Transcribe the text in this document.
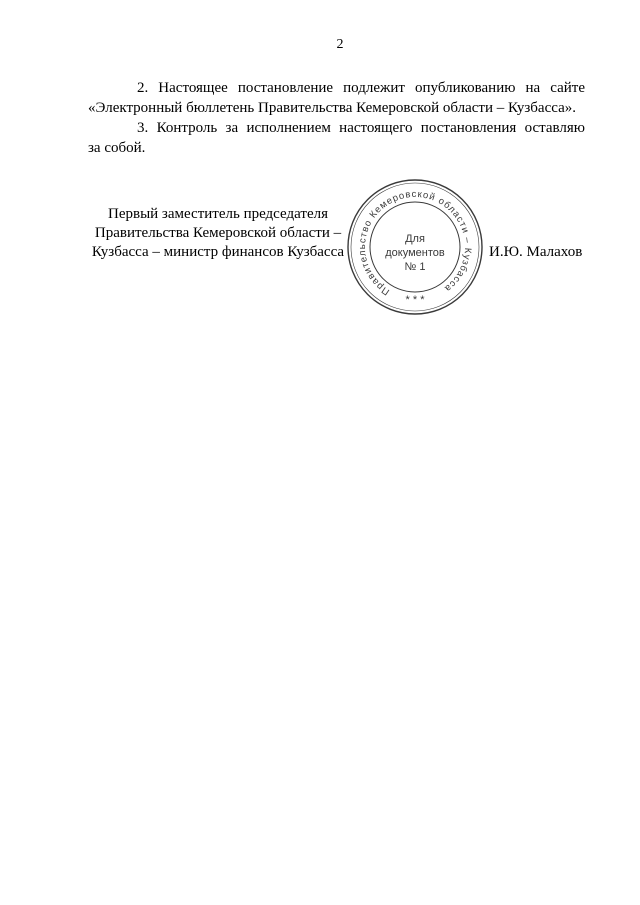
2
2. Настоящее постановление подлежит опубликованию на сайте
«Электронный бюллетень Правительства Кемеровской области – Кузбасса».
3. Контроль за исполнением настоящего постановления оставляю
за собой.
Первый заместитель председателя
Правительства Кемеровской области –
Кузбасса – министр финансов Кузбасса
Правительство Кемеровской области – Кузбасса
* * *
Для
документов
№ 1
И.Ю. Малахов
